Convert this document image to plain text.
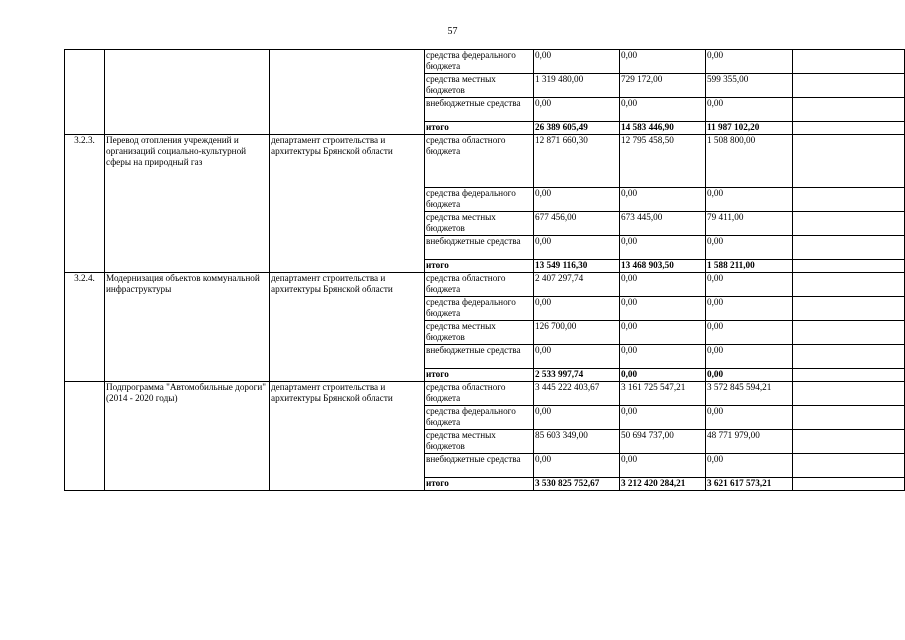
57
			средства федерального бюджета	0,00	0,00	0,00	
			средства местных бюджетов	1 319 480,00	729 172,00	599 355,00	
			внебюджетные средства	0,00	0,00	0,00	
			итого	26 389 605,49	14 583 446,90	11 987 102,20	
3.2.3.	Перевод отопления учреждений и организаций социально-культурной сферы на природный газ	департамент строительства и архитектуры Брянской области	средства областного бюджета	12 871 660,30	12 795 458,50	1 508 800,00	
			средства федерального бюджета	0,00	0,00	0,00	
			средства местных бюджетов	677 456,00	673 445,00	79 411,00	
			внебюджетные средства	0,00	0,00	0,00	
			итого	13 549 116,30	13 468 903,50	1 588 211,00	
3.2.4.	Модернизация объектов коммунальной инфраструктуры	департамент строительства и архитектуры Брянской области	средства областного бюджета	2 407 297,74	0,00	0,00	
			средства федерального бюджета	0,00	0,00	0,00	
			средства местных бюджетов	126 700,00	0,00	0,00	
			внебюджетные средства	0,00	0,00	0,00	
			итого	2 533 997,74	0,00	0,00	
	Подпрограмма "Автомобильные дороги" (2014 - 2020 годы)	департамент строительства и архитектуры Брянской области	средства областного бюджета	3 445 222 403,67	3 161 725 547,21	3 572 845 594,21	
			средства федерального бюджета	0,00	0,00	0,00	
			средства местных бюджетов	85 603 349,00	50 694 737,00	48 771 979,00	
			внебюджетные средства	0,00	0,00	0,00	
			итого	3 530 825 752,67	3 212 420 284,21	3 621 617 573,21	
